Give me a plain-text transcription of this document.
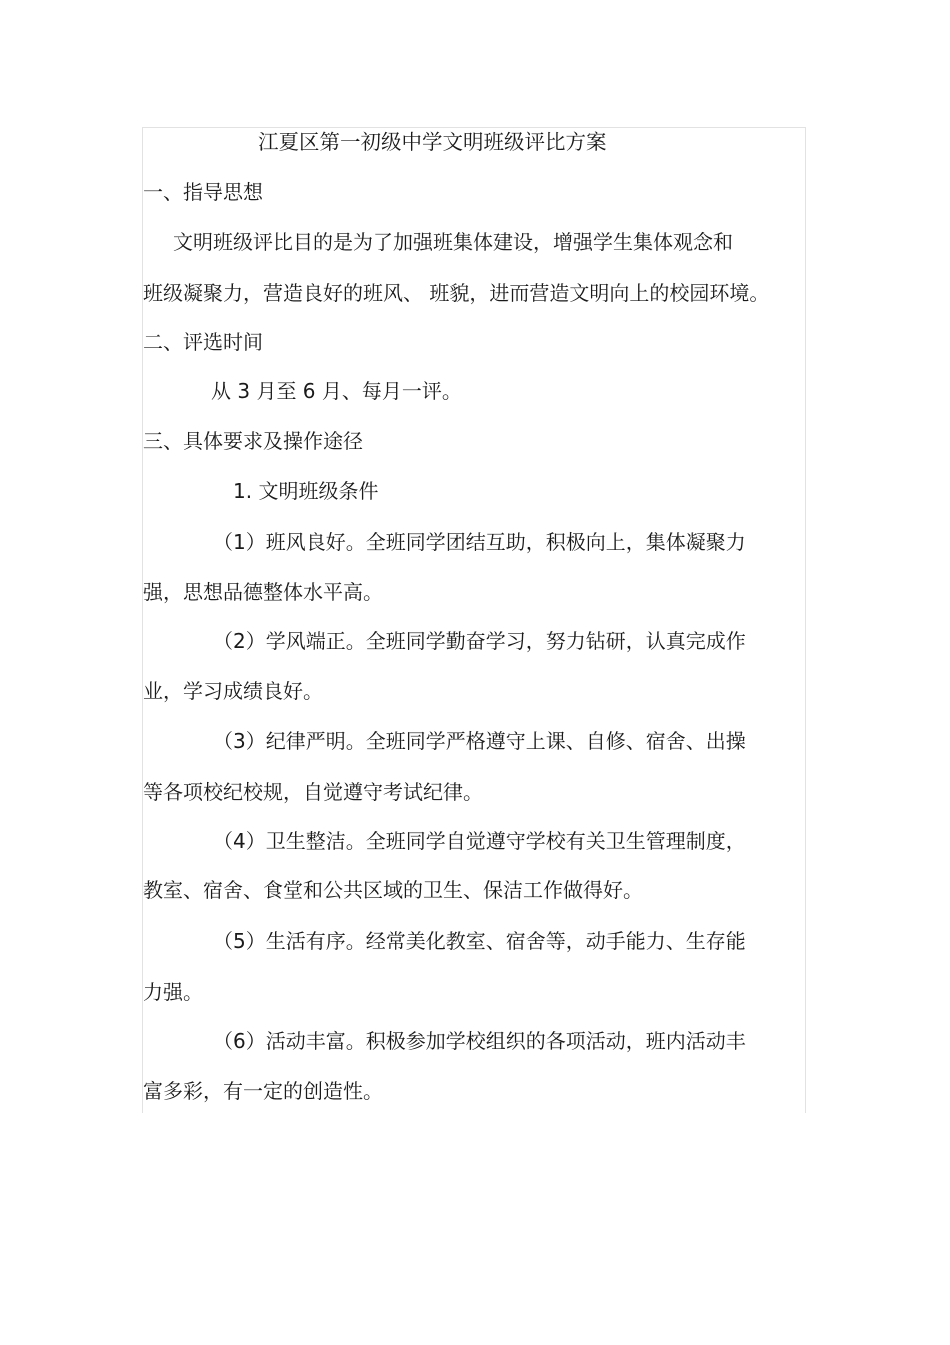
江夏区第一初级中学文明班级评比方案
一、指导思想
文明班级评比目的是为了加强班集体建设，增强学生集体观念和
班级凝聚力，营造良好的班风、 班貌，进而营造文明向上的校园环境。
二、评选时间
从 3 月至 6 月、每月一评。
三、具体要求及操作途径
1. 文明班级条件
（1）班风良好。全班同学团结互助，积极向上，集体凝聚力
强，思想品德整体水平高。
（2）学风端正。全班同学勤奋学习，努力钻研，认真完成作
业，学习成绩良好。
（3）纪律严明。全班同学严格遵守上课、自修、宿舍、出操
等各项校纪校规，自觉遵守考试纪律。
（4）卫生整洁。全班同学自觉遵守学校有关卫生管理制度，
教室、宿舍、食堂和公共区域的卫生、保洁工作做得好。
（5）生活有序。经常美化教室、宿舍等，动手能力、生存能
力强。
（6）活动丰富。积极参加学校组织的各项活动，班内活动丰
富多彩，有一定的创造性。
